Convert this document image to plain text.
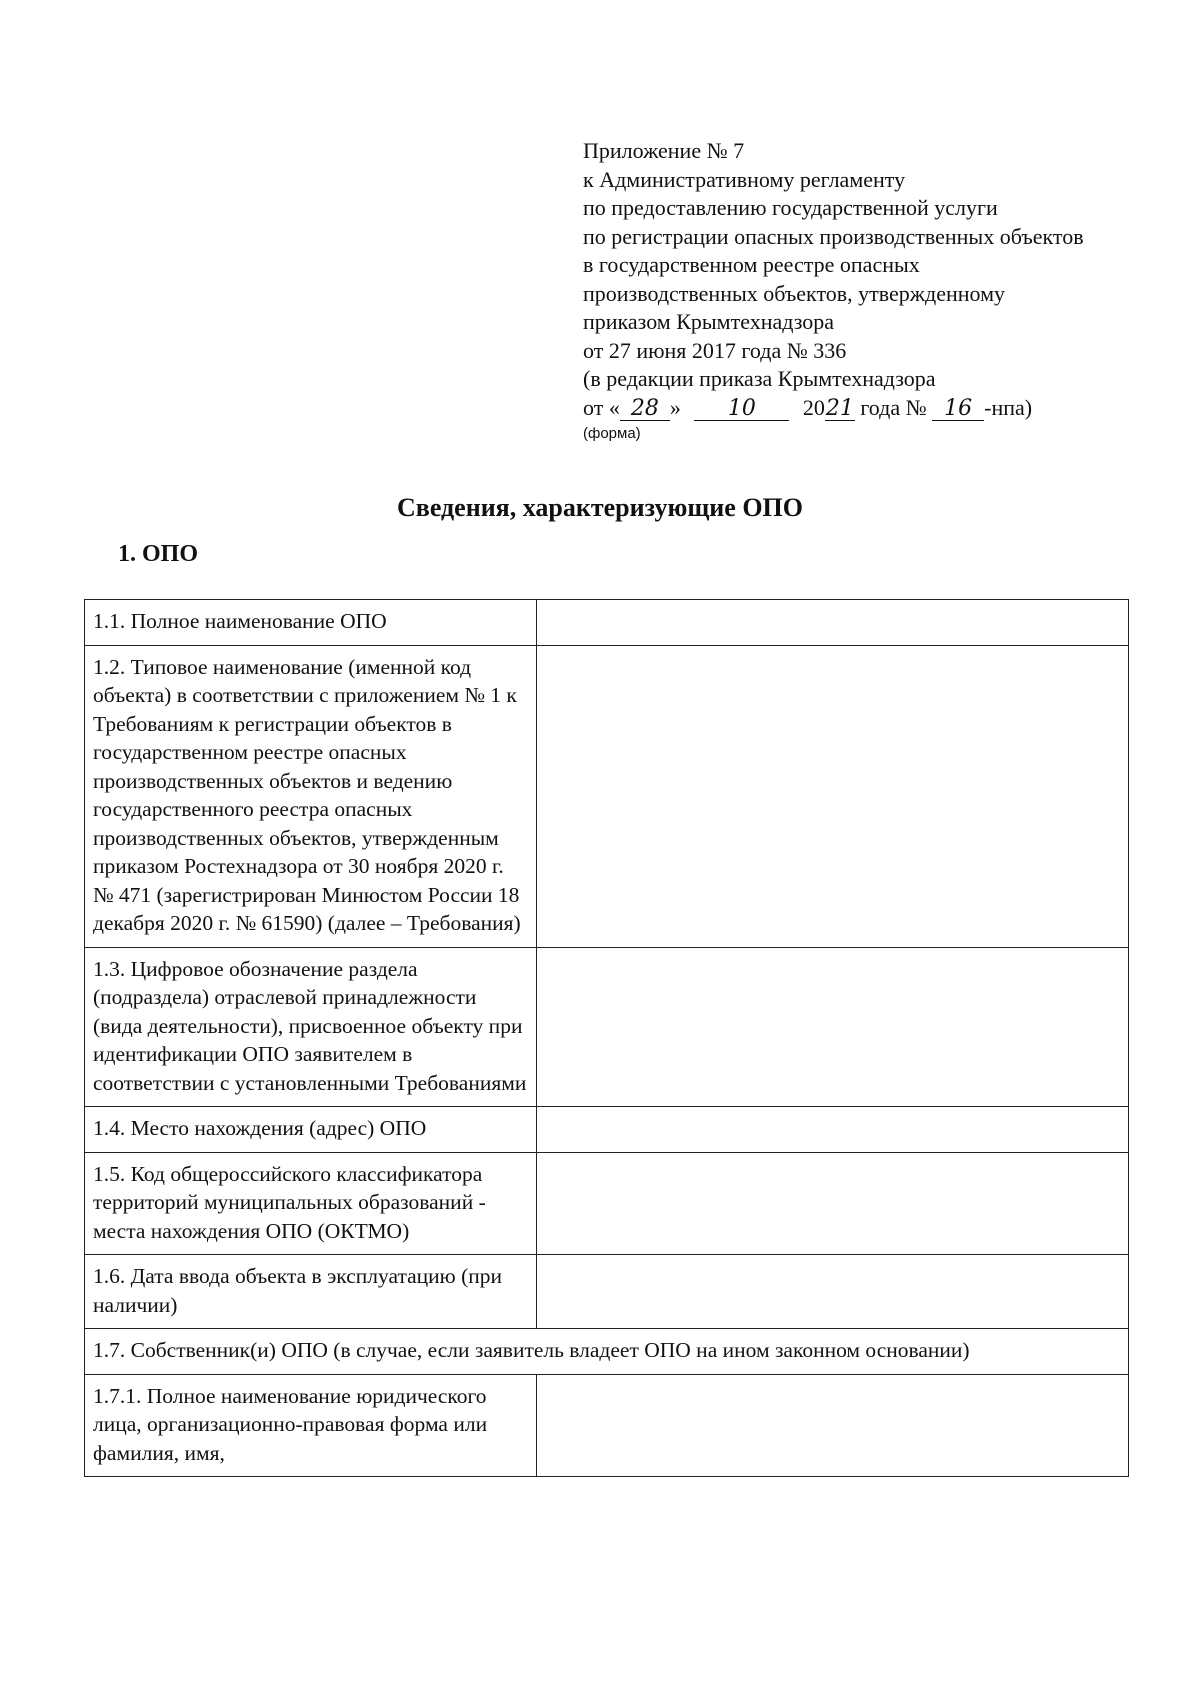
Приложение № 7
к Административному регламенту
по предоставлению государственной услуги
по регистрации опасных производственных объектов
в государственном реестре опасных
производственных объектов, утвержденному
приказом Крымтехнадзора
от 27 июня 2017 года № 336
(в редакции приказа Крымтехнадзора
от « 28 » 10 2021 года № 16 -нпа)
(форма)
Сведения, характеризующие ОПО
1. ОПО
1.1. Полное наименование ОПО	
1.2. Типовое наименование (именной код объекта) в соответствии с приложением № 1 к Требованиям к регистрации объектов в государственном реестре опасных производственных объектов и ведению государственного реестра опасных производственных объектов, утвержденным приказом Ростехнадзора от 30 ноября 2020 г. № 471 (зарегистрирован Минюстом России 18 декабря 2020 г. № 61590) (далее – Требования)	
1.3. Цифровое обозначение раздела (подраздела) отраслевой принадлежности (вида деятельности), присвоенное объекту при идентификации ОПО заявителем в соответствии с установленными Требованиями	
1.4. Место нахождения (адрес) ОПО	
1.5. Код общероссийского классификатора территорий муниципальных образований - места нахождения ОПО (ОКТМО)	
1.6. Дата ввода объекта в эксплуатацию (при наличии)	
1.7. Собственник(и) ОПО (в случае, если заявитель владеет ОПО на ином законном основании)	
1.7.1. Полное наименование юридического лица, организационно-правовая форма или фамилия, имя,	
